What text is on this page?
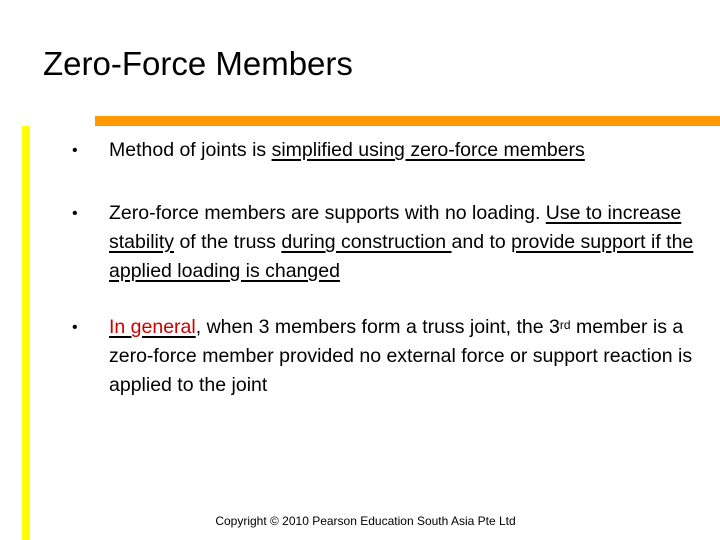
Zero-Force Members
• Method of joints is simplified using zero-force members
• Zero-force members are supports with no loading. Use to increase stability of the truss during construction and to provide support if the applied loading is changed
• In general, when 3 members form a truss joint, the 3rd member is a zero-force member provided no external force or support reaction is applied to the joint
Copyright © 2010 Pearson Education South Asia Pte Ltd
